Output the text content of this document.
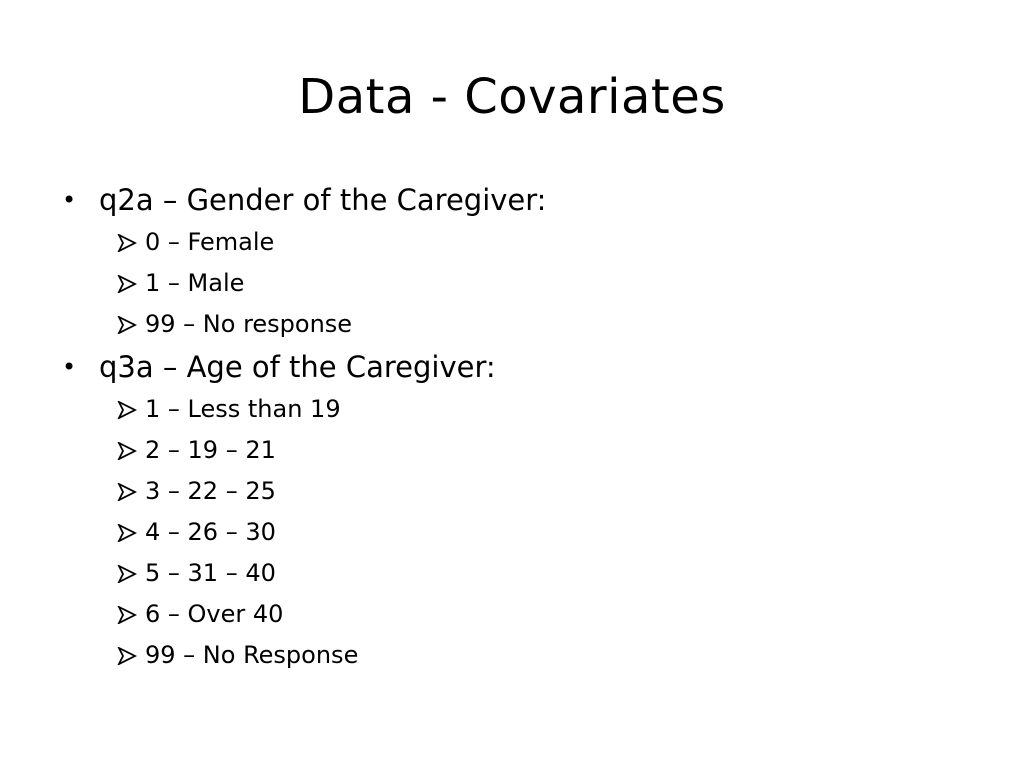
Data - Covariates
• q2a – Gender of the Caregiver:
0 – Female
1 – Male
99 – No response
• q3a – Age of the Caregiver:
1 – Less than 19
2 – 19 – 21
3 – 22 – 25
4 – 26 – 30
5 – 31 – 40
6 – Over 40
99 – No Response
